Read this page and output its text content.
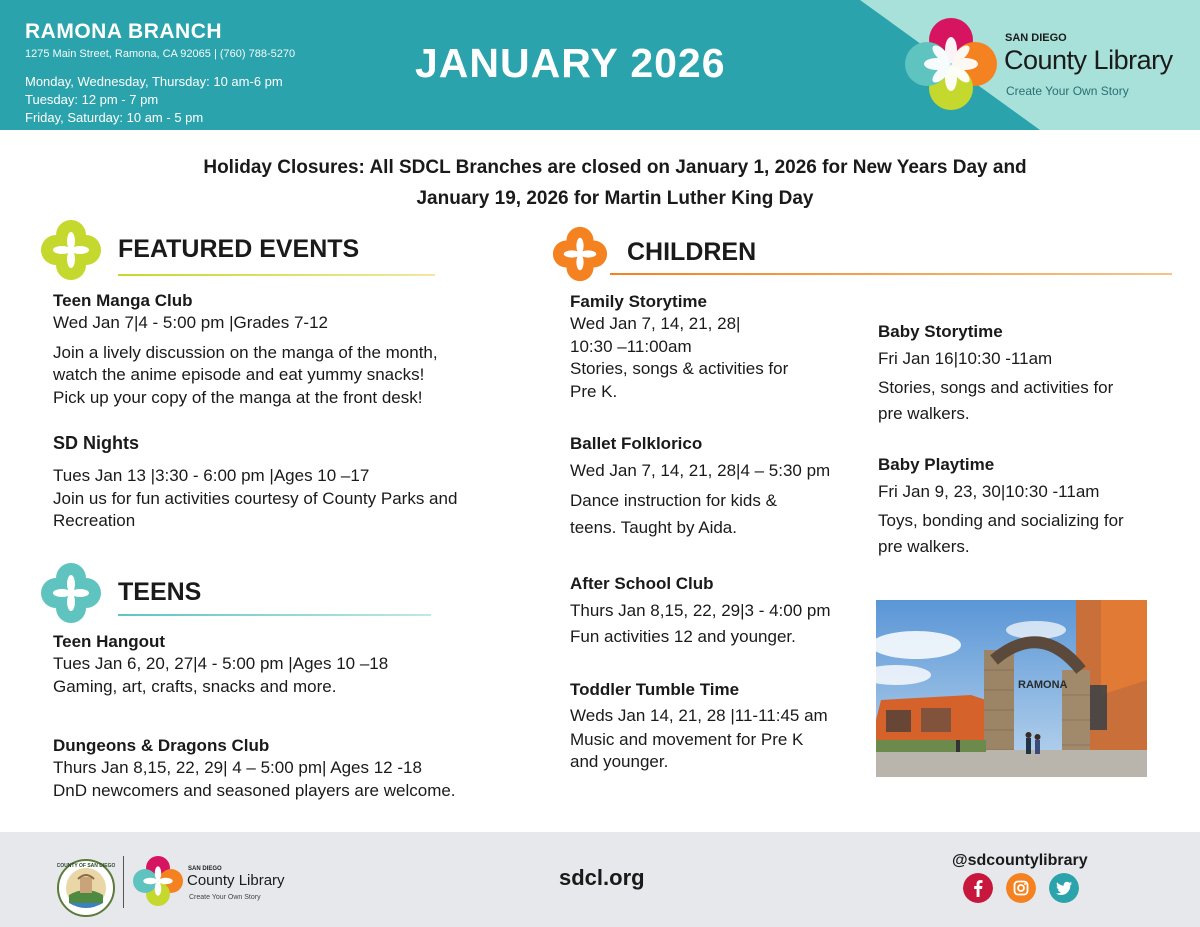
RAMONA BRANCH
1275 Main Street, Ramona, CA 92065 | (760) 788-5270
Monday, Wednesday, Thursday: 10 am-6 pm
Tuesday: 12 pm - 7 pm
Friday, Saturday: 10 am - 5 pm
JANUARY 2026
SAN DIEGO
County Library
Create Your Own Story
Holiday Closures: All SDCL Branches are closed on January 1, 2026 for New Years Day and
January 19, 2026 for Martin Luther King Day
FEATURED EVENTS
Teen Manga Club
Wed Jan 7|4 - 5:00 pm |Grades 7-12
Join a lively discussion on the manga of the month,
watch the anime episode and eat yummy snacks!
Pick up your copy of the manga at the front desk!
SD Nights
Tues Jan 13 |3:30 - 6:00 pm |Ages 10 –17
Join us for fun activities courtesy of County Parks and
Recreation
TEENS
Teen Hangout
Tues Jan 6, 20, 27|4 - 5:00 pm |Ages 10 –18
Gaming, art, crafts, snacks and more.
Dungeons & Dragons Club
Thurs Jan 8,15, 22, 29| 4 – 5:00 pm| Ages 12 -18
DnD newcomers and seasoned players are welcome.
CHILDREN
Family Storytime
Wed Jan 7, 14, 21, 28|
10:30 –11:00am
Stories, songs & activities for
Pre K.
Ballet Folklorico
Wed Jan 7, 14, 21, 28|4 – 5:30 pm
Dance instruction for kids &
teens. Taught by Aida.
After School Club
Thurs Jan 8,15, 22, 29|3 - 4:00 pm
Fun activities 12 and younger.
Toddler Tumble Time
Weds Jan 14, 21, 28 |11-11:45 am
Music and movement for Pre K
and younger.
Baby Storytime
Fri Jan 16|10:30 -11am
Stories, songs and activities for
pre walkers.
Baby Playtime
Fri Jan 9, 23, 30|10:30 -11am
Toys, bonding and socializing for
pre walkers.
RAMONA
COUNTY OF SAN DIEGO	SAN DIEGO
County Library
Create Your Own Story
sdcl.org
@sdcountylibrary
